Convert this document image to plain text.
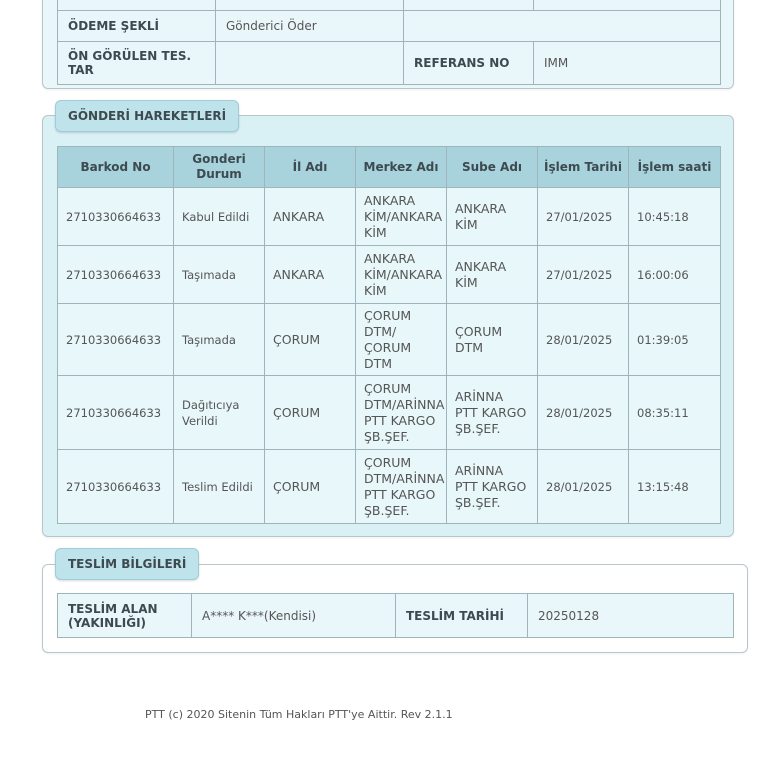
ÖDEME ŞEKLİ	Gönderici Öder		
ÖN GÖRÜLEN TES. TAR		REFERANS NO	IMM
Barkod No	Gonderi Durum	İl Adı	Merkez Adı	Sube Adı	İşlem Tarihi	İşlem saati
2710330664633	Kabul Edildi	ANKARA	ANKARA KİM/ANKARA KİM	ANKARA KİM	27/01/2025	10:45:18
2710330664633	Taşımada	ANKARA	ANKARA KİM/ANKARA KİM	ANKARA KİM	27/01/2025	16:00:06
2710330664633	Taşımada	ÇORUM	ÇORUM DTM/ ÇORUM DTM	ÇORUM DTM	28/01/2025	01:39:05
2710330664633	Dağıtıcıya Verildi	ÇORUM	ÇORUM DTM/ARİNNA PTT KARGO ŞB.ŞEF.	ARİNNA PTT KARGO ŞB.ŞEF.	28/01/2025	08:35:11
2710330664633	Teslim Edildi	ÇORUM	ÇORUM DTM/ARİNNA PTT KARGO ŞB.ŞEF.	ARİNNA PTT KARGO ŞB.ŞEF.	28/01/2025	13:15:48
GÖNDERİ HAREKETLERİ
TESLİM ALAN (YAKINLIĞI)	A**** K***(Kendisi)	TESLİM TARİHİ	20250128
TESLİM BİLGİLERİ
PTT (c) 2020 Sitenin Tüm Hakları PTT'ye Aittir. Rev 2.1.1
